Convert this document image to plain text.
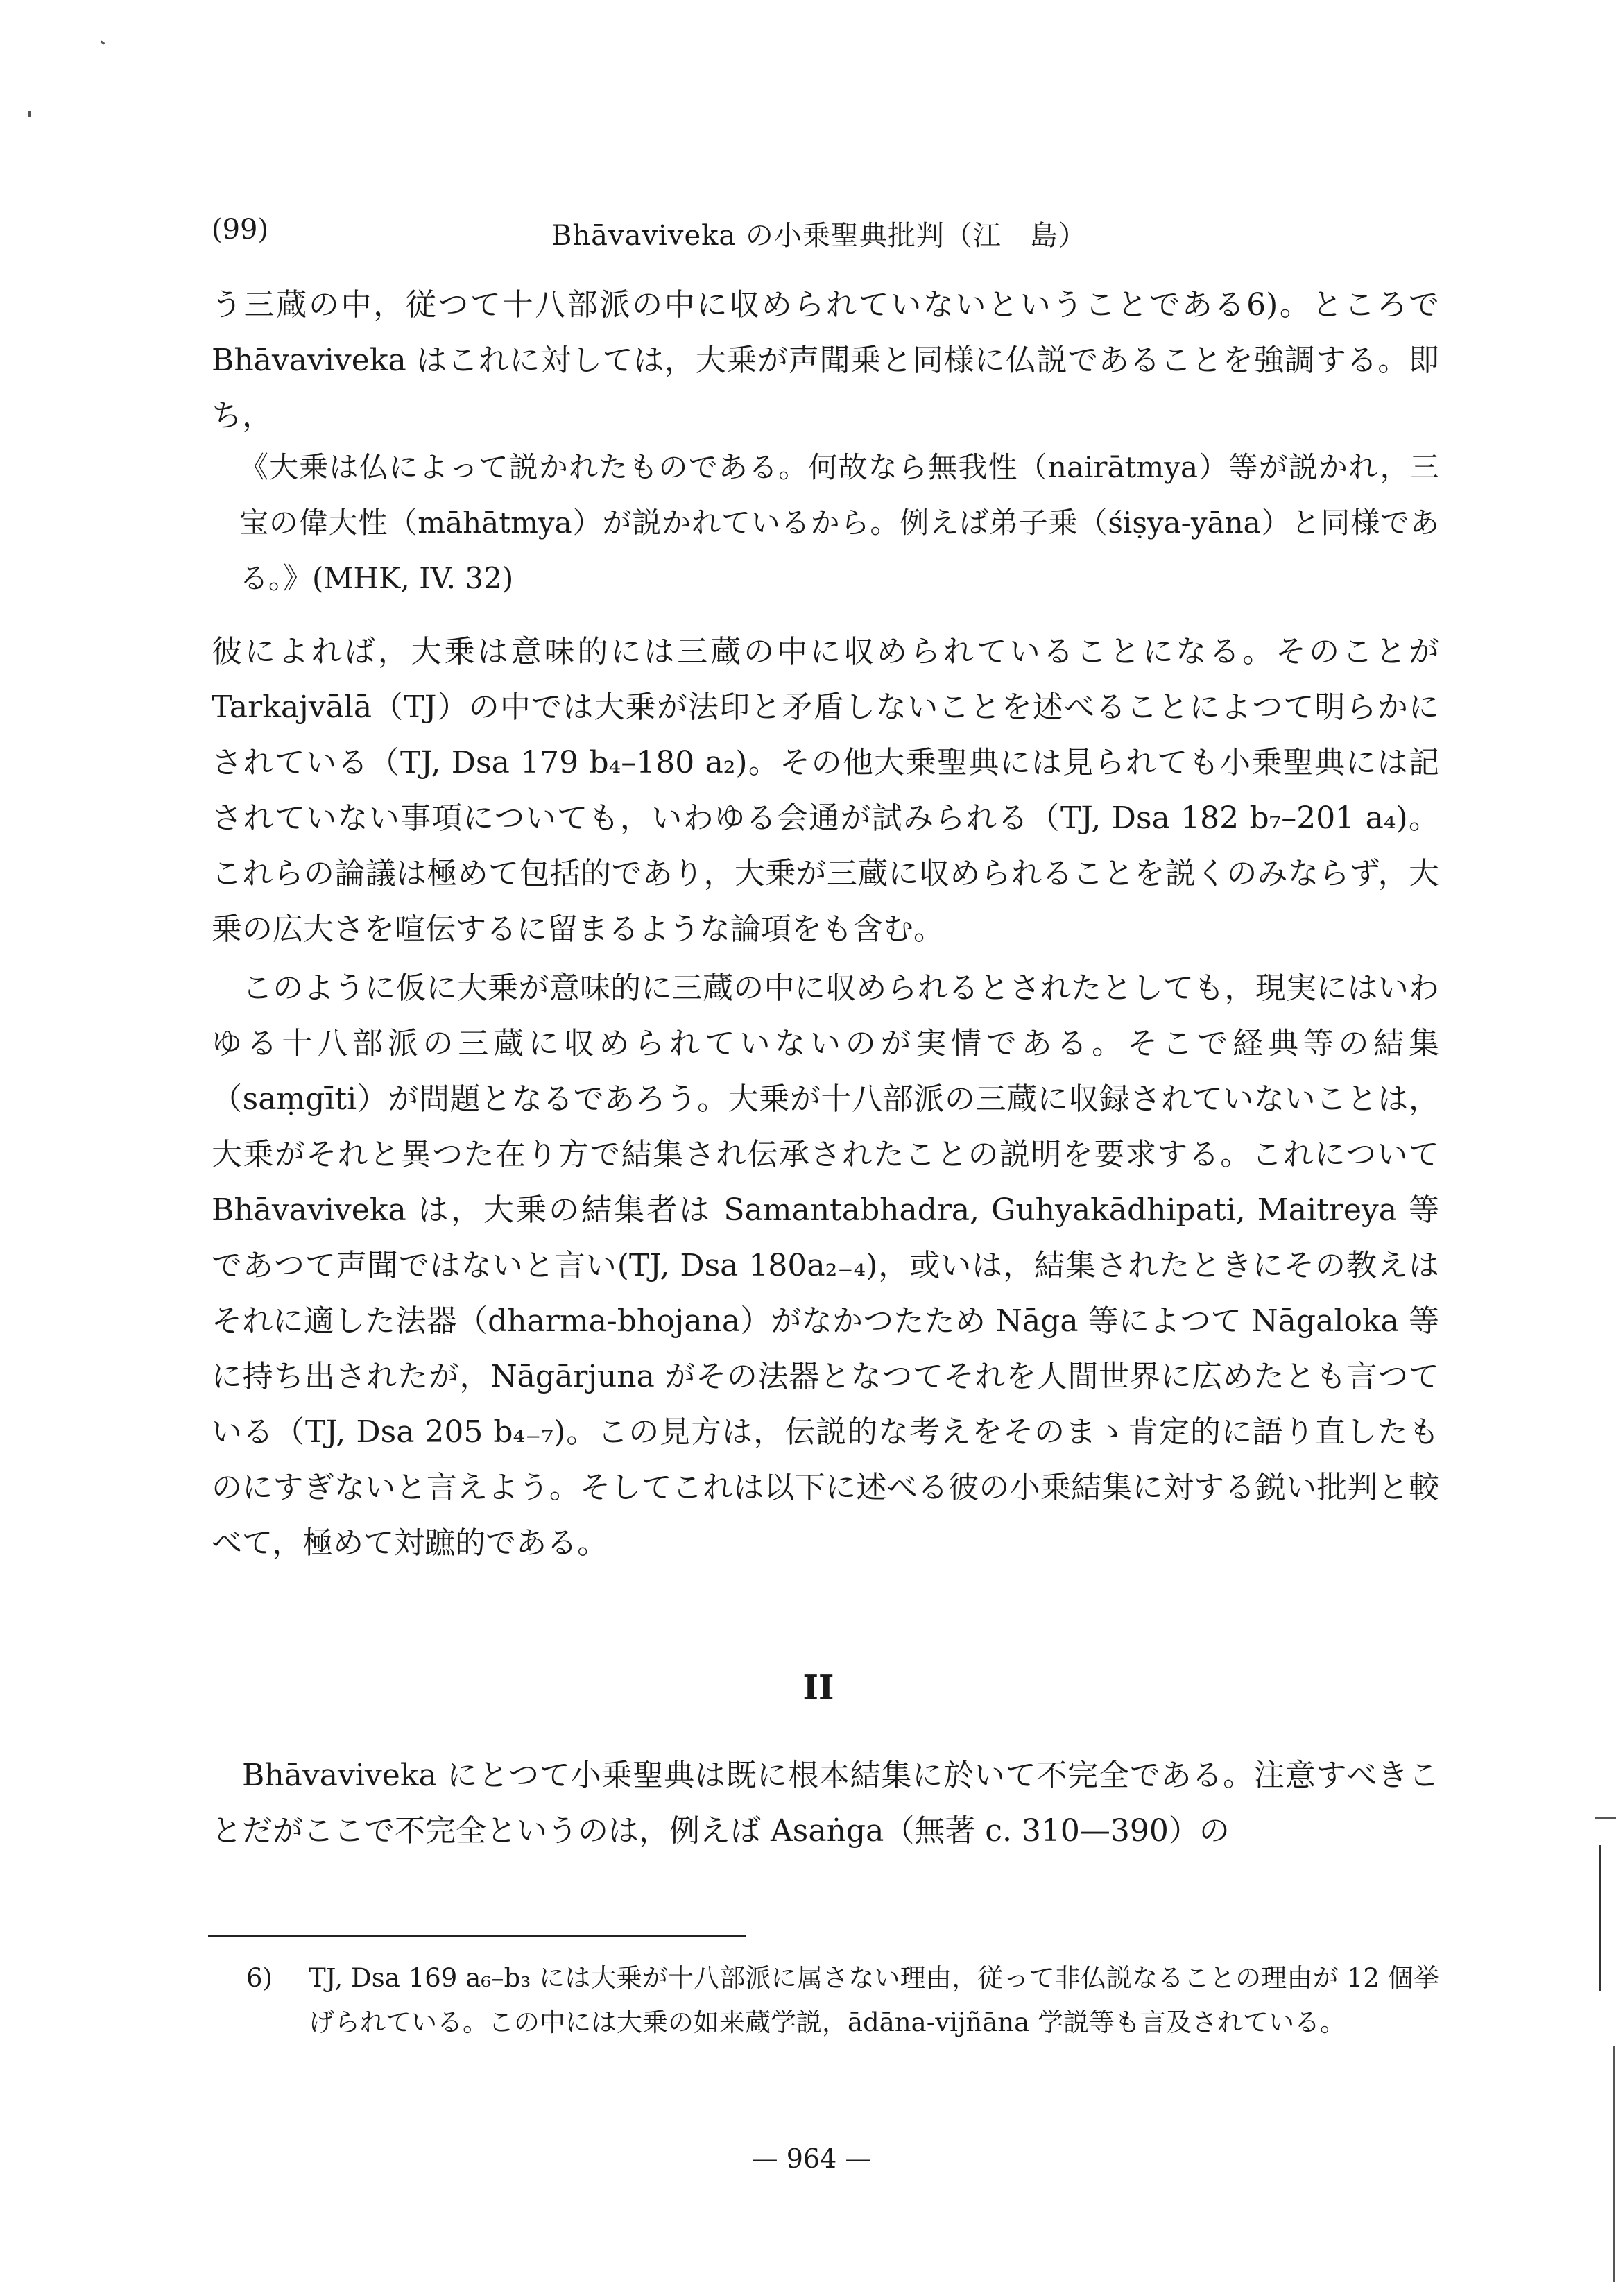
(99)	Bhāvaviveka の小乗聖典批判（江　島）

う三蔵の中，従つて十八部派の中に収められていないということである6)。ところで Bhāvaviveka はこれに対しては，大乗が声聞乗と同様に仏説であることを強調する。即ち，

《大乗は仏によって説かれたものである。何故なら無我性（nairātmya）等が説かれ，三宝の偉大性（māhātmya）が説かれているから。例えば弟子乗（śiṣya-yāna）と同様である。》(MHK, IV. 32)

彼によれば，大乗は意味的には三蔵の中に収められていることになる。そのことが Tarkajvālā（TJ）の中では大乗が法印と矛盾しないことを述べることによつて明らかにされている（TJ, Dsa 179 b₄–180 a₂)。その他大乗聖典には見られても小乗聖典には記されていない事項についても，いわゆる会通が試みられる（TJ, Dsa 182 b₇–201 a₄)。これらの論議は極めて包括的であり，大乗が三蔵に収められることを説くのみならず，大乗の広大さを喧伝するに留まるような論項をも含む。

このように仮に大乗が意味的に三蔵の中に収められるとされたとしても，現実にはいわゆる十八部派の三蔵に収められていないのが実情である。そこで経典等の結集（saṃgīti）が問題となるであろう。大乗が十八部派の三蔵に収録されていないことは，大乗がそれと異つた在り方で結集され伝承されたことの説明を要求する。これについて Bhāvaviveka は，大乗の結集者は Samantabhadra, Guhyakādhipati, Maitreya 等であつて声聞ではないと言い(TJ, Dsa 180a₂₋₄)，或いは，結集されたときにその教えはそれに適した法器（dharma-bhojana）がなかつたため Nāga 等によつて Nāgaloka 等に持ち出されたが，Nāgārjuna がその法器となつてそれを人間世界に広めたとも言つている（TJ, Dsa 205 b₄₋₇)。この見方は，伝説的な考えをそのまゝ肯定的に語り直したものにすぎないと言えよう。そしてこれは以下に述べる彼の小乗結集に対する鋭い批判と較べて，極めて対蹠的である。

II

Bhāvaviveka にとつて小乗聖典は既に根本結集に於いて不完全である。注意すべきことだがここで不完全というのは，例えば Asaṅga（無著 c. 310—390）の

6) TJ, Dsa 169 a₆–b₃ には大乗が十八部派に属さない理由，従って非仏説なることの理由が 12 個挙げられている。この中には大乗の如来蔵学説，ādāna-vijñāna 学説等も言及されている。

— 964 —
